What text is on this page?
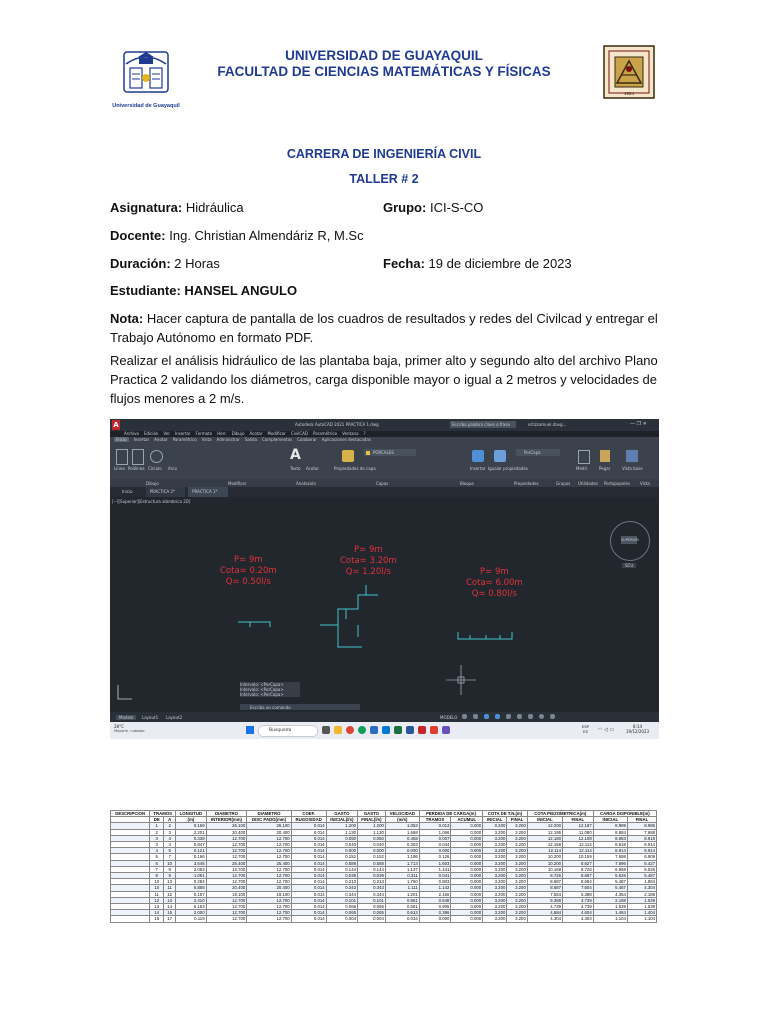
Universidad de Guayaquil
1924
UNIVERSIDAD DE GUAYAQUIL
FACULTAD DE CIENCIAS MATEMÁTICAS Y FÍSICAS
CARRERA DE INGENIERÍA CIVIL
TALLER # 2
Asignatura: Hidráulica	Grupo: ICI-S-CO
Docente: Ing. Christian Almendáriz R, M.Sc
Duración: 2 Horas	Fecha: 19 de diciembre de 2023
Estudiante: HANSEL ANGULO
Nota: Hacer captura de pantalla de los cuadros de resultados y redes del Civilcad y entregar el Trabajo Autónomo en formato PDF.
Realizar el análisis hidráulico de las plantaba baja, primer alto y segundo alto del archivo Plano Practica 2 validando los diámetros, carga disponible mayor o igual a 2 metros y velocidades de flujos menores a 2 m/s.
A	Autodesk AutoCAD 2021 PRACTICA 1.dwg	Escriba palabra clave o frase	ortizsamuel.davg...	— ❐ ✕
Archivo Edición Ver Insertar Formato Herr. Dibujo Acotar Modificar CivilCAD Paramétrico Ventana ?
Inicio	Insertar Anotar Paramétrico Vista Administrar Salida Complementos Colaborar Aplicaciones destacadas
Línea Polilínea Círculo Arco
A
Texto Acotar	Propiedades de capa
PORCALES
Insertar Igualar propiedades
PorCapa
Medir	Pegar	Vista base
Dibujo	Modificar	Anotación	Capas	Bloque	Propiedades	Grupos Utilidades Portapapeles Vista
Inicio	PRACTICA 2*	PRACTICA 1*
[−][Superior][Estructura alámbrica 2D]
P= 9m
Cota= 0.20m
Q= 0.50l/s
P= 9m
Cota= 3.20m
Q= 1.20l/s	P= 9m
Cota= 6.00m
Q= 0.80l/s
SUPERIOR
SCU
Intervalo: <PorCapa>
Intervalo: <PorCapa>
Intervalo: <PorCapa>
Escriba un comando
Modelo	Layout1 Layout2	MODELO
28°C
Mayorm. nublado	Búsqueda
ESP
ES ◠ ◁ ▭
8:14
19/12/2023
DESCRIPCION	TRAMOS		LONGITUD	DIAMETRO	DIAMETRO	COEF.	GASTO	GASTO	VELOCIDAD	PERDIDA DE CARGA(m)		COTA DE T.N.(m)		COTA PIEZOMETRICA(m)		CARGA DISPONIBLE(m)	
	DE	A	(m)	INTERIOR(mm)	DISC PADO(mm)	RUGOSIDAD	INICIAL(l/s)	FINAL(l/s)	(m/s)	TRAMOS	ACUMUL	INICIAL	FINAL	INICIAL	FINAL	INICIAL	FINAL
	1	2	0.169	26.100	26.100	0.014	1.200	1.200	1.053	0.013	0.000	0.200	3.200	12.200	12.187	8.999	8.986
	2	3	2.201	20.400	20.400	0.014	1.130	1.130	1.668	1.066	0.000	3.200	3.200	12.195	11.080	8.884	7.688
	3	4	0.338	12.700	12.700	0.014	0.050	0.050	0.458	0.007	0.000	3.200	3.200	12.180	12.108	8.983	8.818
	3	4	0.847	12.700	12.700	0.014	0.040	0.040	0.303	0.044	0.000	3.200	3.200	12.158	12.114	8.818	8.914
	4	5	0.121	12.700	12.700	0.014	0.000	0.000	0.000	0.000	0.000	3.200	3.200	12.114	12.114	8.914	8.914
	5	7	0.166	12.700	12.700	0.014	0.152	0.152	1.186	0.126	0.000	3.200	3.200	10.200	10.159	7.698	6.909
	6	10	3.545	25.400	25.400	0.014	0.588	0.588	1.713	1.503	0.000	3.200	3.200	10.200	8.627	7.696	5.427
	7	8	2.053	12.700	12.700	0.014	0.144	0.144	1.137	1.441	0.000	3.200	3.200	10.168	8.726	6.968	5.526
	8	9	1.061	12.700	12.700	0.014	0.039	0.039	0.311	0.041	0.000	3.200	3.200	8.726	8.687	5.526	5.487
	10	13	0.284	12.700	12.700	0.014	0.213	0.213	1.760	0.803	0.000	3.200	3.200	8.687	8.684	5.487	1.884
	10	11	5.858	20.400	20.400	0.014	0.343	0.343	1.111	1.142	0.000	3.200	3.200	8.687	7.604	5.487	4.304
	11	12	0.157	19.100	19.100	0.014	0.344	0.344	1.201	2.166	0.000	3.200	3.200	7.554	5.388	4.354	2.188
	12	13	2.410	12.700	12.700	0.014	0.101	0.101	0.861	0.648	0.000	3.200	3.200	5.388	4.739	2.188	1.539
	13	14	5.163	12.700	12.700	0.014	0.066	0.066	0.581	0.906	0.000	3.200	3.200	4.739	4.739	1.539	1.539
	14	15	2.000	12.700	12.700	0.014	0.065	0.065	0.613	0.396	0.000	3.200	3.200	4.684	4.604	1.484	1.404
	16	17	0.119	12.700	12.700	0.014	0.004	0.004	0.034	0.000	0.000	3.200	3.200	4.304	4.304	1.104	1.104
